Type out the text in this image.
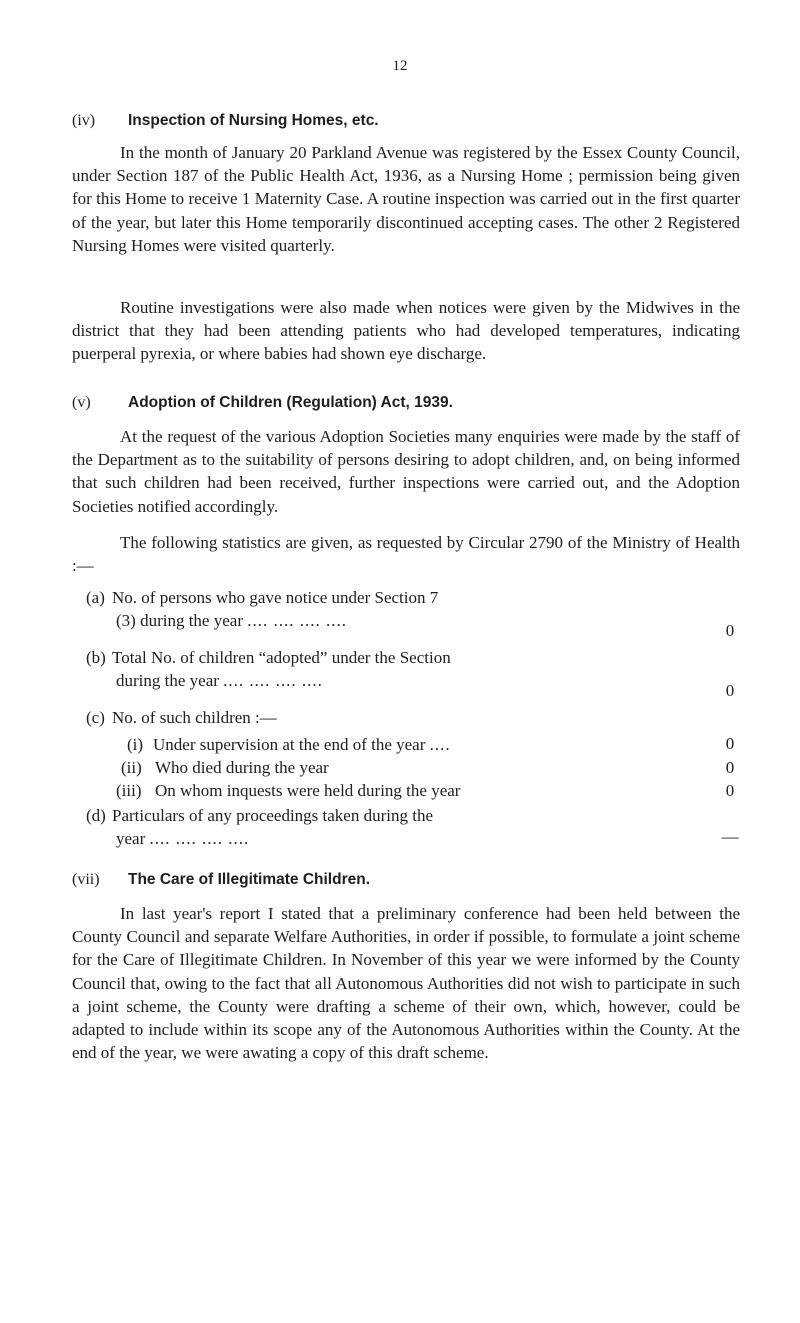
12
(iv) Inspection of Nursing Homes, etc.

In the month of January 20 Parkland Avenue was registered by the Essex County Council, under Section 187 of the Public Health Act, 1936, as a Nursing Home ; permission being given for this Home to receive 1 Maternity Case. A routine inspection was carried out in the first quarter of the year, but later this Home temporarily discontinued accepting cases. The other 2 Registered Nursing Homes were visited quarterly.

Routine investigations were also made when notices were given by the Midwives in the district that they had been attending patients who had developed temperatures, indicating puerperal pyrexia, or where babies had shown eye discharge.

(v) Adoption of Children (Regulation) Act, 1939.

At the request of the various Adoption Societies many enquiries were made by the staff of the Department as to the suitability of persons desiring to adopt children, and, on being informed that such children had been received, further inspections were carried out, and the Adoption Societies notified accordingly.

The following statistics are given, as requested by Circular 2790 of the Ministry of Health :—

(a) No. of persons who gave notice under Section 7
(3) during the year .... .... .... ....
0
(b) Total No. of children “adopted” under the Section
during the year .... .... .... ....
0
(c) No. of such children :—
(i) Under supervision at the end of the year ....	0
(ii) Who died during the year	0
(iii) On whom inquests were held during the year	0
(d) Particulars of any proceedings taken during the
year .... .... .... ....	—
(vii) The Care of Illegitimate Children.

In last year's report I stated that a preliminary conference had been held between the County Council and separate Welfare Authorities, in order if possible, to formulate a joint scheme for the Care of Illegitimate Children. In November of this year we were informed by the County Council that, owing to the fact that all Autonomous Authorities did not wish to participate in such a joint scheme, the County were drafting a scheme of their own, which, however, could be adapted to include within its scope any of the Autonomous Authorities within the County. At the end of the year, we were awating a copy of this draft scheme.
